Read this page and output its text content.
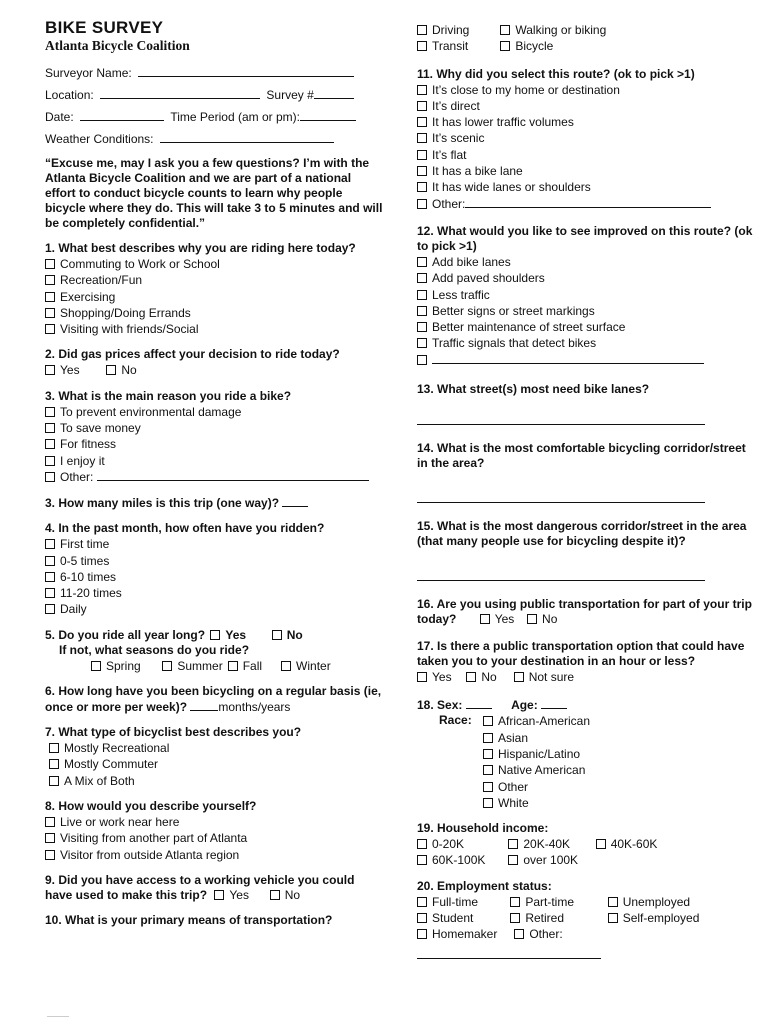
BIKE SURVEY
Atlanta Bicycle Coalition
Surveyor Name:
Location:	Survey #
Date:	Time Period (am or pm):
Weather Conditions:
“Excuse me, may I ask you a few questions? I’m with the Atlanta Bicycle Coalition and we are part of a national effort to conduct bicycle counts to learn why people bicycle where they do. This will take 3 to 5 minutes and will be completely confidential.”
1. What best describes why you are riding here today?
Commuting to Work or School
Recreation/Fun
Exercising
Shopping/Doing Errands
Visiting with friends/Social
2. Did gas prices affect your decision to ride today?
Yes	No
3. What is the main reason you ride a bike?
To prevent environmental damage
To save money
For fitness
I enjoy it
Other:
3. How many miles is this trip (one way)?
4. In the past month, how often have you ridden?
First time
0-5 times
6-10 times
11-20 times
Daily
5. Do you ride all year long? Yes	No
If not, what seasons do you ride?
Spring	Summer Fall	Winter
6. How long have you been bicycling on a regular basis (ie, once or more per week)?	months/years
7. What type of bicyclist best describes you?
Mostly Recreational
Mostly Commuter
A Mix of Both
8. How would you describe yourself?
Live or work near here
Visiting from another part of Atlanta
Visitor from outside Atlanta region
9. Did you have access to a working vehicle you could have used to make this trip? Yes	No
10. What is your primary means of transportation?
Driving	Walking or biking
Transit	Bicycle
11. Why did you select this route? (ok to pick >1)
It’s close to my home or destination
It’s direct
It has lower traffic volumes
It’s scenic
It’s flat
It has a bike lane
It has wide lanes or shoulders
Other:
12. What would you like to see improved on this route? (ok to pick >1)
Add bike lanes
Add paved shoulders
Less traffic
Better signs or street markings
Better maintenance of street surface
Traffic signals that detect bikes
13. What street(s) most need bike lanes?
14. What is the most comfortable bicycling corridor/street in the area?
15. What is the most dangerous corridor/street in the area (that many people use for bicycling despite it)?
16. Are you using public transportation for part of your trip today?	Yes No
17. Is there a public transportation option that could have taken you to your destination in an hour or less?
Yes No	Not sure
18. Sex:	Age:
Race:	African-American
Asian
Hispanic/Latino
Native American
Other
White
19. Household income:
0-20K	20K-40K	40K-60K
60K-100K	over 100K
20. Employment status:
Full-time	Part-time	Unemployed
Student	Retired	Self-employed
Homemaker	Other:
